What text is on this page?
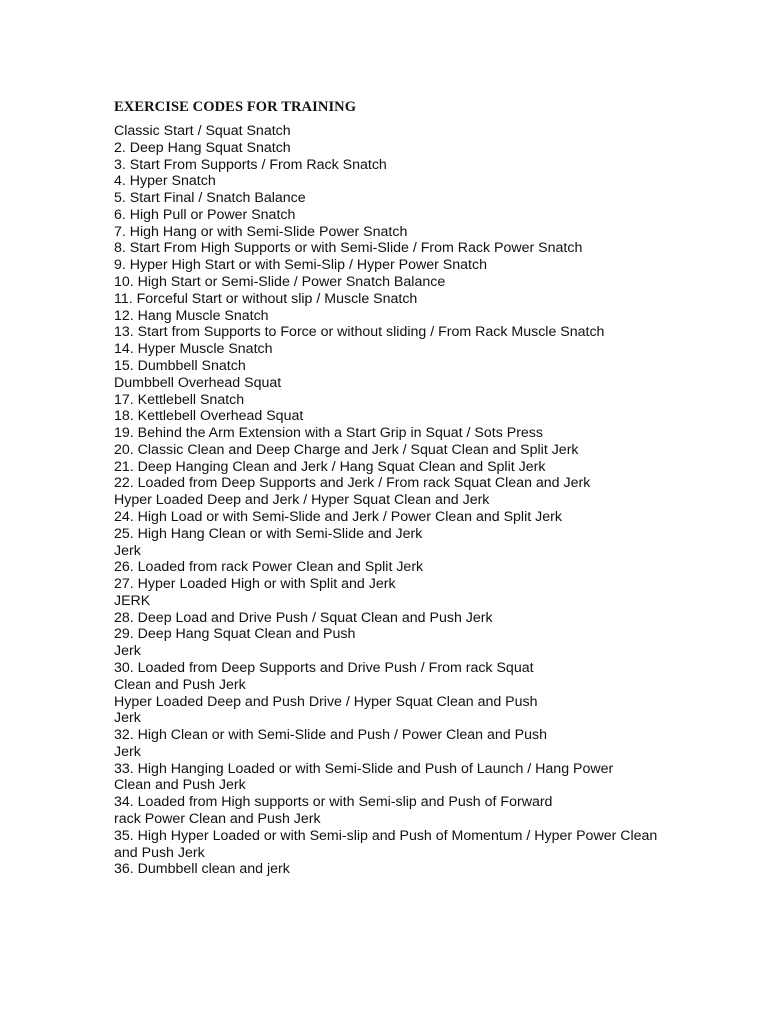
EXERCISE CODES FOR TRAINING
Classic Start / Squat Snatch
2. Deep Hang Squat Snatch
3. Start From Supports / From Rack Snatch
4. Hyper Snatch
5. Start Final / Snatch Balance
6. High Pull or Power Snatch
7. High Hang or with Semi-Slide Power Snatch
8. Start From High Supports or with Semi-Slide / From Rack Power Snatch
9. Hyper High Start or with Semi-Slip / Hyper Power Snatch
10. High Start or Semi-Slide / Power Snatch Balance
11. Forceful Start or without slip / Muscle Snatch
12. Hang Muscle Snatch
13. Start from Supports to Force or without sliding / From Rack Muscle Snatch
14. Hyper Muscle Snatch
15. Dumbbell Snatch
Dumbbell Overhead Squat
17. Kettlebell Snatch
18. Kettlebell Overhead Squat
19. Behind the Arm Extension with a Start Grip in Squat / Sots Press
20. Classic Clean and Deep Charge and Jerk / Squat Clean and Split Jerk
21. Deep Hanging Clean and Jerk / Hang Squat Clean and Split Jerk
22. Loaded from Deep Supports and Jerk / From rack Squat Clean and Jerk
Hyper Loaded Deep and Jerk / Hyper Squat Clean and Jerk
24. High Load or with Semi-Slide and Jerk / Power Clean and Split Jerk
25. High Hang Clean or with Semi-Slide and Jerk
Jerk
26. Loaded from rack Power Clean and Split Jerk
27. Hyper Loaded High or with Split and Jerk
JERK
28. Deep Load and Drive Push / Squat Clean and Push Jerk
29. Deep Hang Squat Clean and Push
Jerk
30. Loaded from Deep Supports and Drive Push / From rack Squat
Clean and Push Jerk
Hyper Loaded Deep and Push Drive / Hyper Squat Clean and Push
Jerk
32. High Clean or with Semi-Slide and Push / Power Clean and Push
Jerk
33. High Hanging Loaded or with Semi-Slide and Push of Launch / Hang Power
Clean and Push Jerk
34. Loaded from High supports or with Semi-slip and Push of Forward
rack Power Clean and Push Jerk
35. High Hyper Loaded or with Semi-slip and Push of Momentum / Hyper Power Clean
and Push Jerk
36. Dumbbell clean and jerk
